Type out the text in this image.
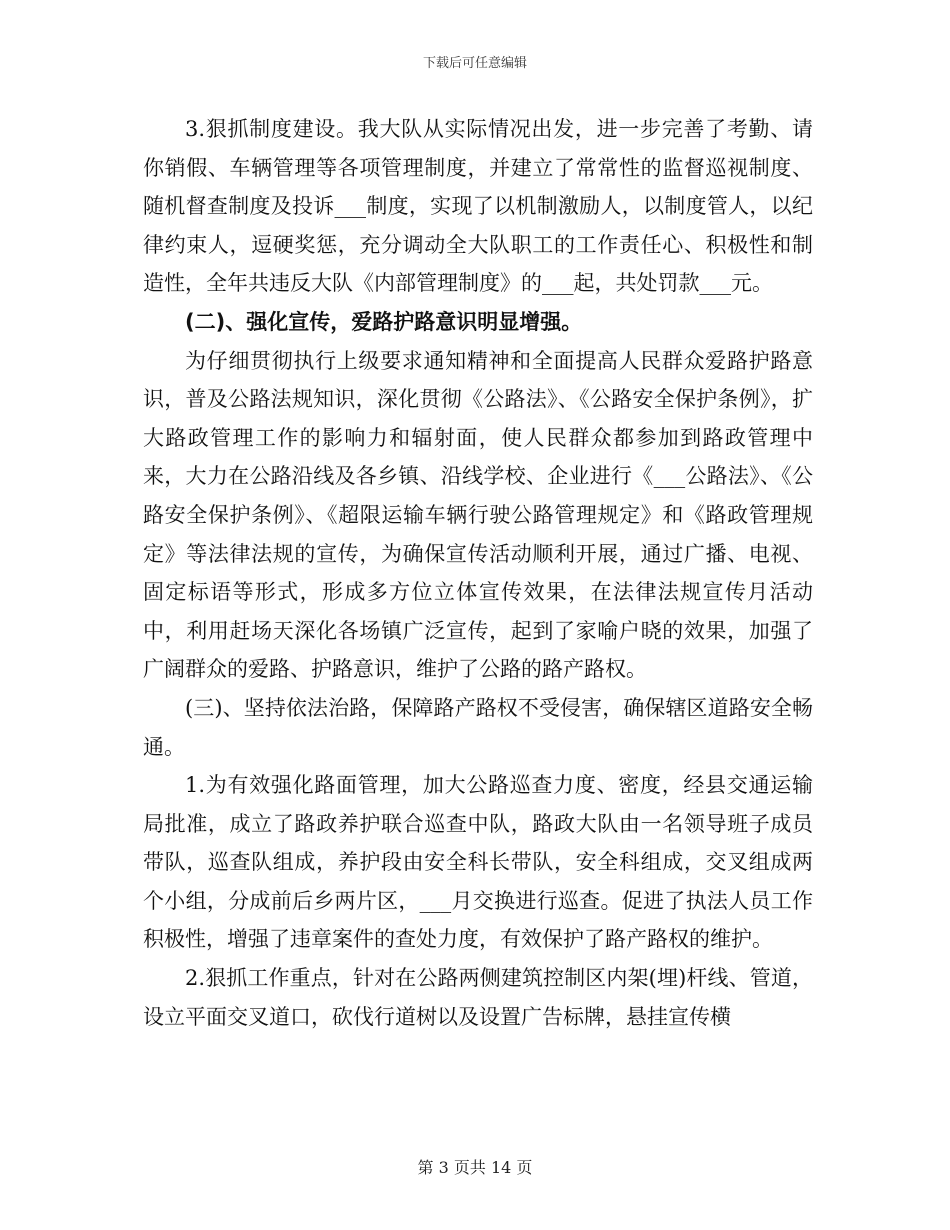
下载后可任意编辑

3.狠抓制度建设。我大队从实际情况出发，进一步完善了考勤、请你销假、车辆管理等各项管理制度，并建立了常常性的监督巡视制度、随机督查制度及投诉___制度，实现了以机制激励人，以制度管人，以纪律约束人，逗硬奖惩，充分调动全大队职工的工作责任心、积极性和制造性，全年共违反大队《内部管理制度》的___起，共处罚款___元。

(二)、强化宣传，爱路护路意识明显增强。

为仔细贯彻执行上级要求通知精神和全面提高人民群众爱路护路意识，普及公路法规知识，深化贯彻《公路法》、《公路安全保护条例》，扩大路政管理工作的影响力和辐射面，使人民群众都参加到路政管理中来，大力在公路沿线及各乡镇、沿线学校、企业进行《___公路法》、《公路安全保护条例》、《超限运输车辆行驶公路管理规定》和《路政管理规定》等法律法规的宣传，为确保宣传活动顺利开展，通过广播、电视、固定标语等形式，形成多方位立体宣传效果，在法律法规宣传月活动中，利用赶场天深化各场镇广泛宣传，起到了家喻户晓的效果，加强了广阔群众的爱路、护路意识，维护了公路的路产路权。

(三)、坚持依法治路，保障路产路权不受侵害，确保辖区道路安全畅通。

1.为有效强化路面管理，加大公路巡查力度、密度，经县交通运输局批准，成立了路政养护联合巡查中队，路政大队由一名领导班子成员带队，巡查队组成，养护段由安全科长带队，安全科组成，交叉组成两个小组，分成前后乡两片区，___月交换进行巡查。促进了执法人员工作积极性，增强了违章案件的查处力度，有效保护了路产路权的维护。

2.狠抓工作重点，针对在公路两侧建筑控制区内架(埋)杆线、管道，设立平面交叉道口，砍伐行道树以及设置广告标牌，悬挂宣传横

第 3 页共 14 页
